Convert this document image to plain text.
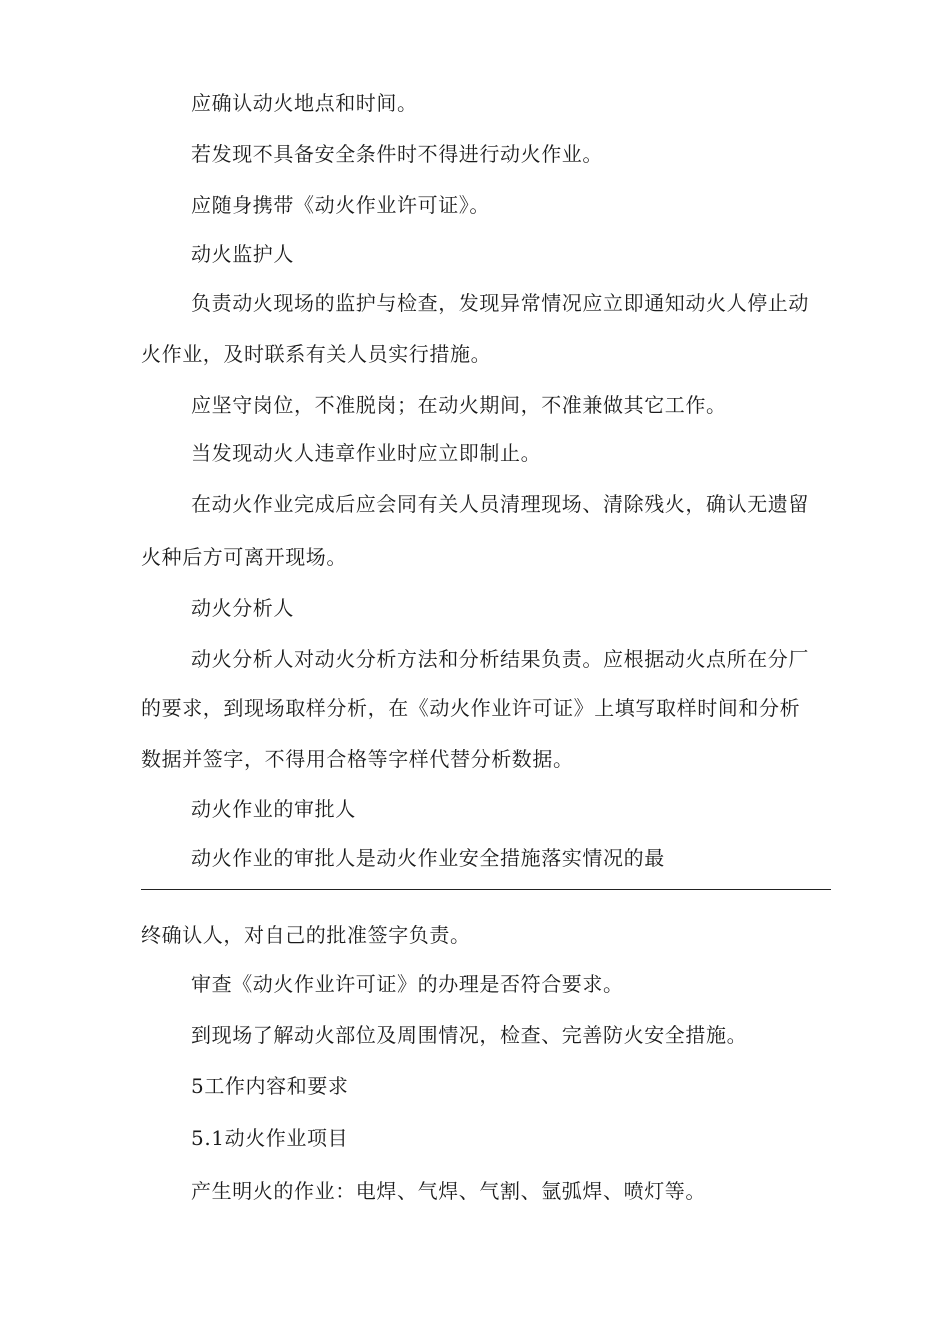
应确认动火地点和时间。
若发现不具备安全条件时不得进行动火作业。
应随身携带《动火作业许可证》。
动火监护人
负责动火现场的监护与检查，发现异常情况应立即通知动火人停止动
火作业，及时联系有关人员实行措施。
应坚守岗位，不准脱岗；在动火期间，不准兼做其它工作。
当发现动火人违章作业时应立即制止。
在动火作业完成后应会同有关人员清理现场、清除残火，确认无遗留
火种后方可离开现场。
动火分析人
动火分析人对动火分析方法和分析结果负责。应根据动火点所在分厂
的要求，到现场取样分析，在《动火作业许可证》上填写取样时间和分析
数据并签字，不得用合格等字样代替分析数据。
动火作业的审批人
动火作业的审批人是动火作业安全措施落实情况的最
终确认人，对自己的批准签字负责。
审查《动火作业许可证》的办理是否符合要求。
到现场了解动火部位及周围情况，检查、完善防火安全措施。
5工作内容和要求
5.1动火作业项目
产生明火的作业：电焊、气焊、气割、氩弧焊、喷灯等。
